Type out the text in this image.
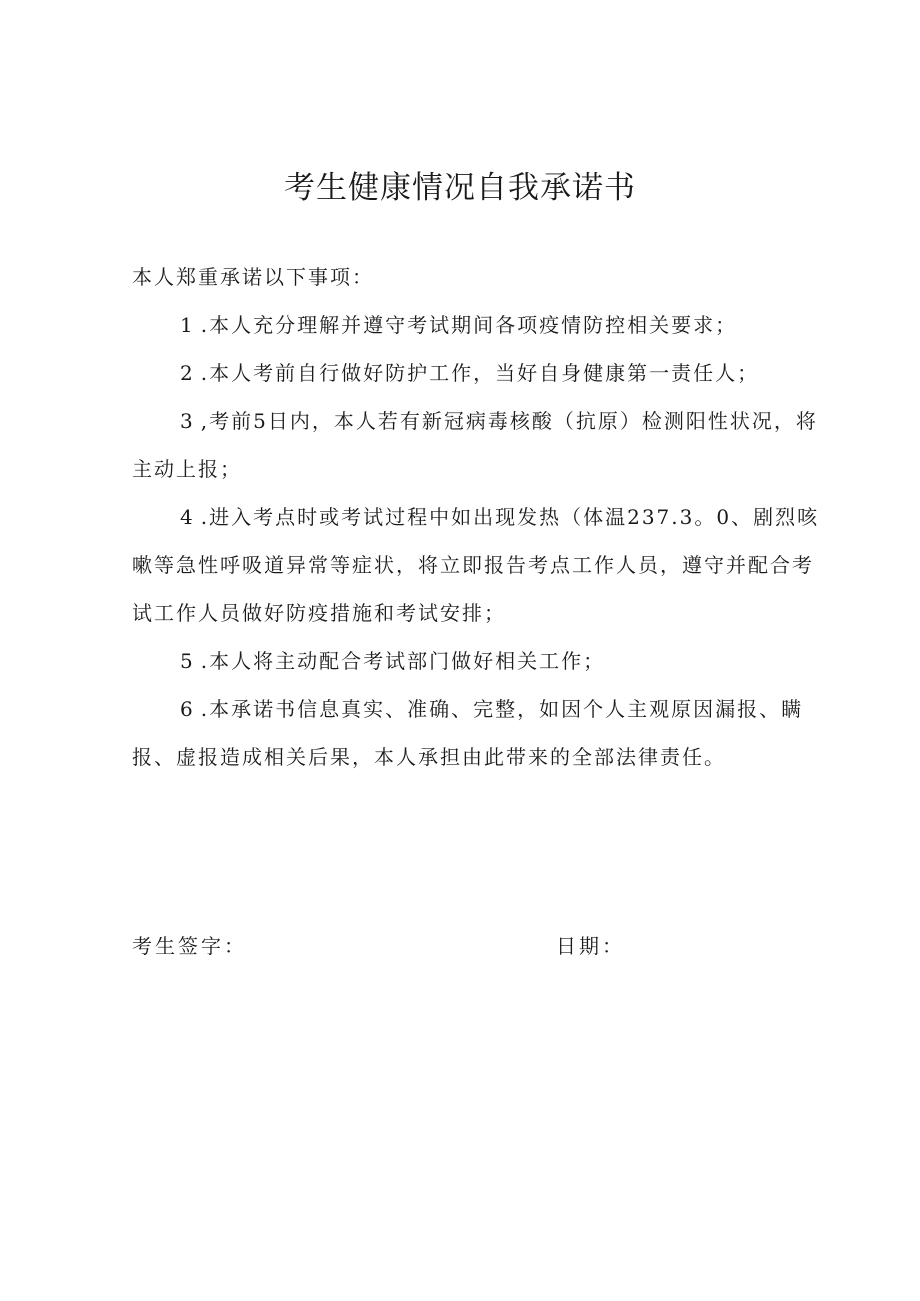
考生健康情况自我承诺书

本人郑重承诺以下事项：

1 .本人充分理解并遵守考试期间各项疫情防控相关要求；

2 .本人考前自行做好防护工作，当好自身健康第一责任人；

3 ,考前5日内，本人若有新冠病毒核酸（抗原）检测阳性状况，将主动上报；

4 .进入考点时或考试过程中如出现发热（体温237.3。0、剧烈咳嗽等急性呼吸道异常等症状，将立即报告考点工作人员，遵守并配合考试工作人员做好防疫措施和考试安排；

5 .本人将主动配合考试部门做好相关工作；

6 .本承诺书信息真实、准确、完整，如因个人主观原因漏报、瞒报、虚报造成相关后果，本人承担由此带来的全部法律责任。

考生签字：	日期：
